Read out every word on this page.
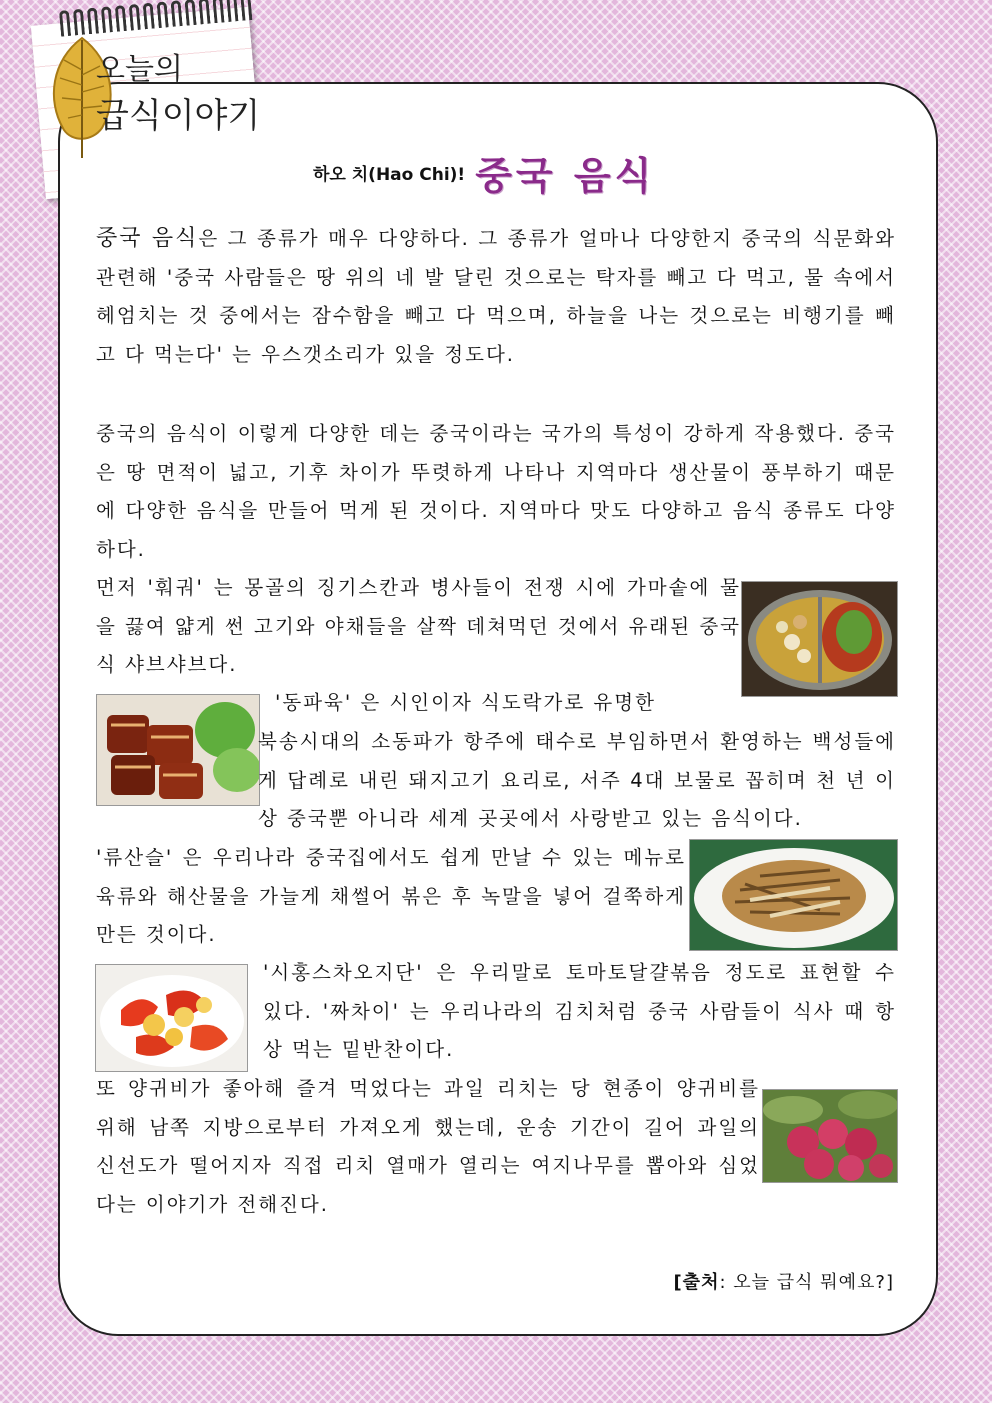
오늘의
급식이야기
하오 치(Hao Chi)! 중국 음식
중국 음식은 그 종류가 매우 다양하다. 그 종류가 얼마나 다양한지 중국의 식문화와 관련해 '중국 사람들은 땅 위의 네 발 달린 것으로는 탁자를 빼고 다 먹고, 물 속에서 헤엄치는 것 중에서는 잠수함을 빼고 다 먹으며, 하늘을 나는 것으로는 비행기를 빼고 다 먹는다' 는 우스갯소리가 있을 정도다.
중국의 음식이 이렇게 다양한 데는 중국이라는 국가의 특성이 강하게 작용했다. 중국은 땅 면적이 넓고, 기후 차이가 뚜렷하게 나타나 지역마다 생산물이 풍부하기 때문에 다양한 음식을 만들어 먹게 된 것이다. 지역마다 맛도 다양하고 음식 종류도 다양하다.
먼저 '훠궈' 는 몽골의 징기스칸과 병사들이 전쟁 시에 가마솥에 물을 끓여 얇게 썬 고기와 야채들을 살짝 데쳐먹던 것에서 유래된 중국식 샤브샤브다.
'동파육' 은 시인이자 식도락가로 유명한
북송시대의 소동파가 항주에 태수로 부임하면서 환영하는 백성들에게 답례로 내린 돼지고기 요리로, 서주 4대 보물로 꼽히며 천 년 이상 중국뿐 아니라 세계 곳곳에서 사랑받고 있는 음식이다.
'류산슬' 은 우리나라 중국집에서도 쉽게 만날 수 있는 메뉴로 육류와 해산물을 가늘게 채썰어 볶은 후 녹말을 넣어 걸쭉하게 만든 것이다.
'시홍스차오지단' 은 우리말로 토마토달걀볶음 정도로 표현할 수 있다. '짜차이' 는 우리나라의 김치처럼 중국 사람들이 식사 때 항상 먹는 밑반찬이다.
또 양귀비가 좋아해 즐겨 먹었다는 과일 리치는 당 현종이 양귀비를 위해 남쪽 지방으로부터 가져오게 했는데, 운송 기간이 길어 과일의 신선도가 떨어지자 직접 리치 열매가 열리는 여지나무를 뽑아와 심었다는 이야기가 전해진다.
[출처: 오늘 급식 뭐예요?]
